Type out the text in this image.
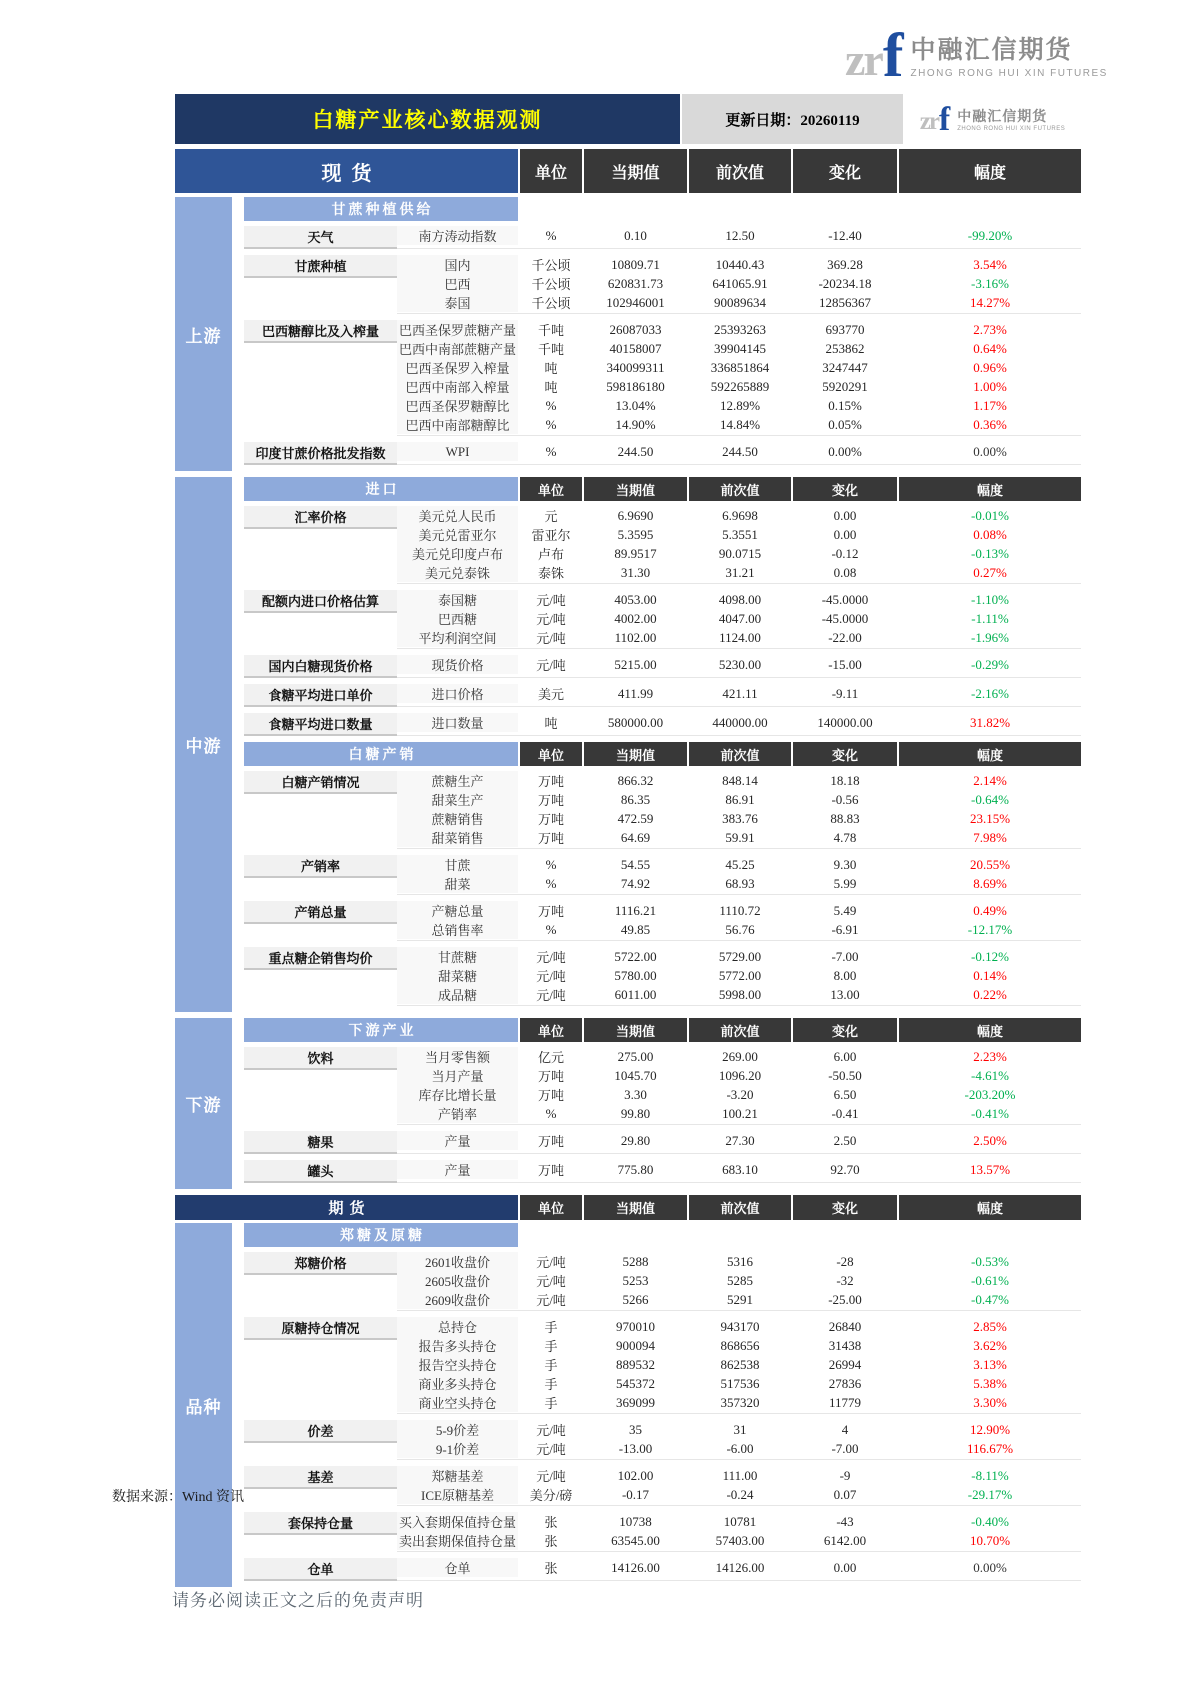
zr f 中融汇信期货
ZHONG RONG HUI XIN FUTURES
白糖产业核心数据观测	更新日期：20260119	zr f 中融汇信期货
ZHONG RONG HUI XIN FUTURES
现货	单位	当期值	前次值	变化	幅度
上游
甘蔗种植供给
天气	南方涛动指数	%	0.10	12.50	-12.40	-99.20%
甘蔗种植	国内	千公顷	10809.71	10440.43	369.28	3.54%
巴西	千公顷	620831.73	641065.91	-20234.18	-3.16%
泰国	千公顷	102946001	90089634	12856367	14.27%
巴西糖醇比及入榨量	巴西圣保罗蔗糖产量	千吨	26087033	25393263	693770	2.73%
巴西中南部蔗糖产量	千吨	40158007	39904145	253862	0.64%
巴西圣保罗入榨量	吨	340099311	336851864	3247447	0.96%
巴西中南部入榨量	吨	598186180	592265889	5920291	1.00%
巴西圣保罗糖醇比	%	13.04%	12.89%	0.15%	1.17%
巴西中南部糖醇比	%	14.90%	14.84%	0.05%	0.36%
印度甘蔗价格批发指数	WPI	%	244.50	244.50	0.00%	0.00%
中游
进口	单位	当期值	前次值	变化	幅度
汇率价格	美元兑人民币	元	6.9690	6.9698	0.00	-0.01%
美元兑雷亚尔	雷亚尔	5.3595	5.3551	0.00	0.08%
美元兑印度卢布	卢布	89.9517	90.0715	-0.12	-0.13%
美元兑泰铢	泰铢	31.30	31.21	0.08	0.27%
配额内进口价格估算	泰国糖	元/吨	4053.00	4098.00	-45.0000	-1.10%
巴西糖	元/吨	4002.00	4047.00	-45.0000	-1.11%
平均利润空间	元/吨	1102.00	1124.00	-22.00	-1.96%
国内白糖现货价格	现货价格	元/吨	5215.00	5230.00	-15.00	-0.29%
食糖平均进口单价	进口价格	美元	411.99	421.11	-9.11	-2.16%
食糖平均进口数量	进口数量	吨	580000.00	440000.00	140000.00	31.82%
白糖产销	单位	当期值	前次值	变化	幅度
白糖产销情况	蔗糖生产	万吨	866.32	848.14	18.18	2.14%
甜菜生产	万吨	86.35	86.91	-0.56	-0.64%
蔗糖销售	万吨	472.59	383.76	88.83	23.15%
甜菜销售	万吨	64.69	59.91	4.78	7.98%
产销率	甘蔗	%	54.55	45.25	9.30	20.55%
甜菜	%	74.92	68.93	5.99	8.69%
产销总量	产糖总量	万吨	1116.21	1110.72	5.49	0.49%
总销售率	%	49.85	56.76	-6.91	-12.17%
重点糖企销售均价	甘蔗糖	元/吨	5722.00	5729.00	-7.00	-0.12%
甜菜糖	元/吨	5780.00	5772.00	8.00	0.14%
成品糖	元/吨	6011.00	5998.00	13.00	0.22%
下游
下游产业	单位	当期值	前次值	变化	幅度
饮料	当月零售额	亿元	275.00	269.00	6.00	2.23%
当月产量	万吨	1045.70	1096.20	-50.50	-4.61%
库存比增长量	万吨	3.30	-3.20	6.50	-203.20%
产销率	%	99.80	100.21	-0.41	-0.41%
糖果	产量	万吨	29.80	27.30	2.50	2.50%
罐头	产量	万吨	775.80	683.10	92.70	13.57%
期货	单位	当期值	前次值	变化	幅度
品种
郑糖及原糖
郑糖价格	2601收盘价	元/吨	5288	5316	-28	-0.53%
2605收盘价	元/吨	5253	5285	-32	-0.61%
2609收盘价	元/吨	5266	5291	-25.00	-0.47%
原糖持仓情况	总持仓	手	970010	943170	26840	2.85%
报告多头持仓	手	900094	868656	31438	3.62%
报告空头持仓	手	889532	862538	26994	3.13%
商业多头持仓	手	545372	517536	27836	5.38%
商业空头持仓	手	369099	357320	11779	3.30%
价差	5-9价差	元/吨	35	31	4	12.90%
9-1价差	元/吨	-13.00	-6.00	-7.00	116.67%
基差	郑糖基差	元/吨	102.00	111.00	-9	-8.11%
ICE原糖基差	美分/磅	-0.17	-0.24	0.07	-29.17%
套保持仓量	买入套期保值持仓量	张	10738	10781	-43	-0.40%
卖出套期保值持仓量	张	63545.00	57403.00	6142.00	10.70%
仓单	仓单	张	14126.00	14126.00	0.00	0.00%
数据来源：Wind 资讯
请务必阅读正文之后的免责声明
